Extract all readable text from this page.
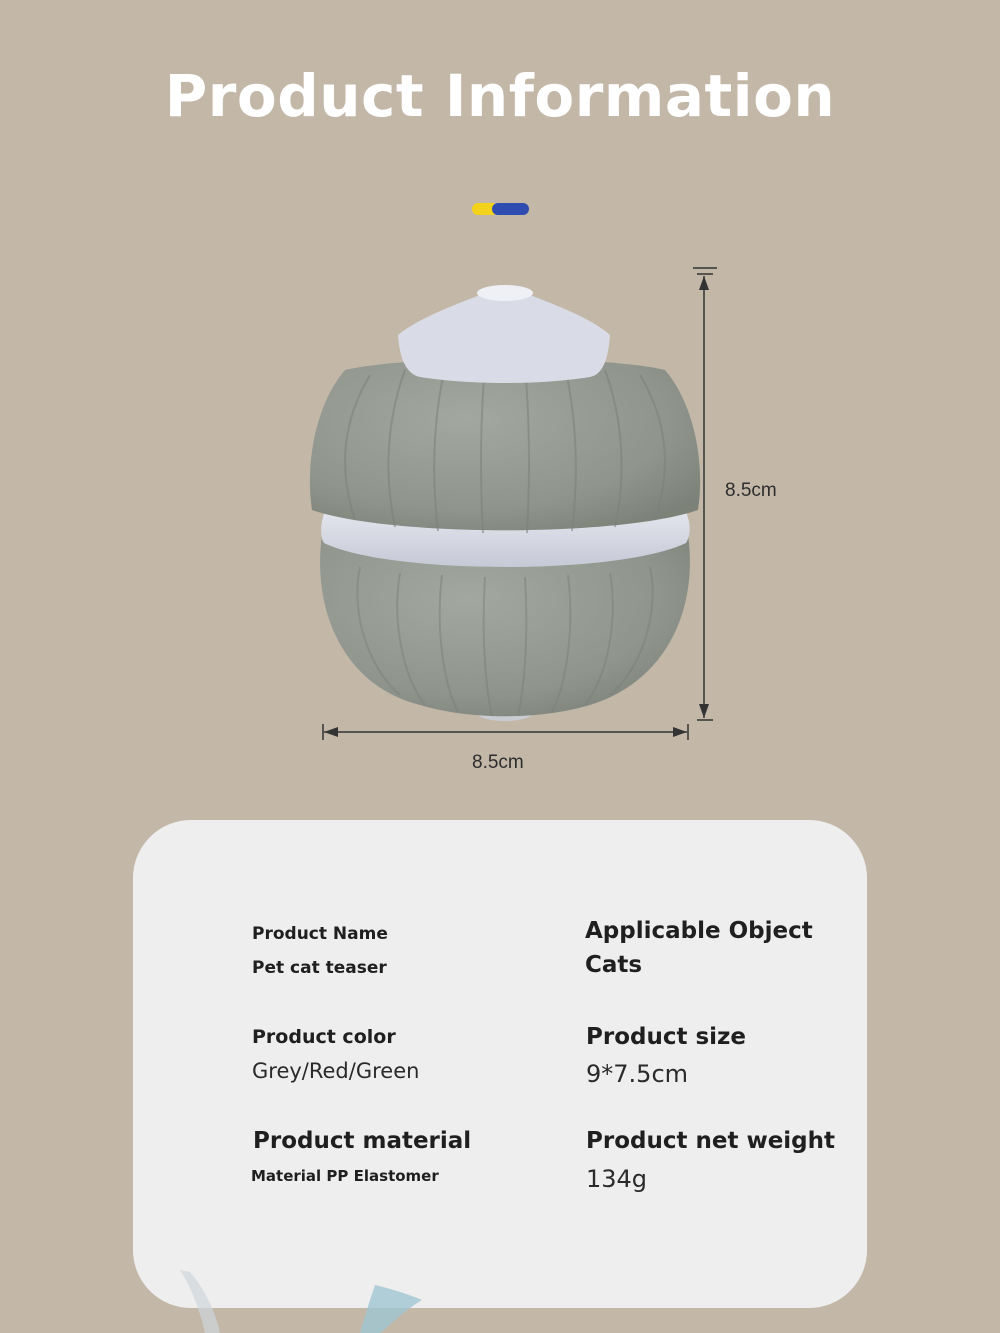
Product Information
8.5cm
8.5cm
Product Name
Pet cat teaser
Applicable Object
Cats
Product color
Grey/Red/Green
Product size
9*7.5cm
Product material
Material PP Elastomer
Product net weight
134g
